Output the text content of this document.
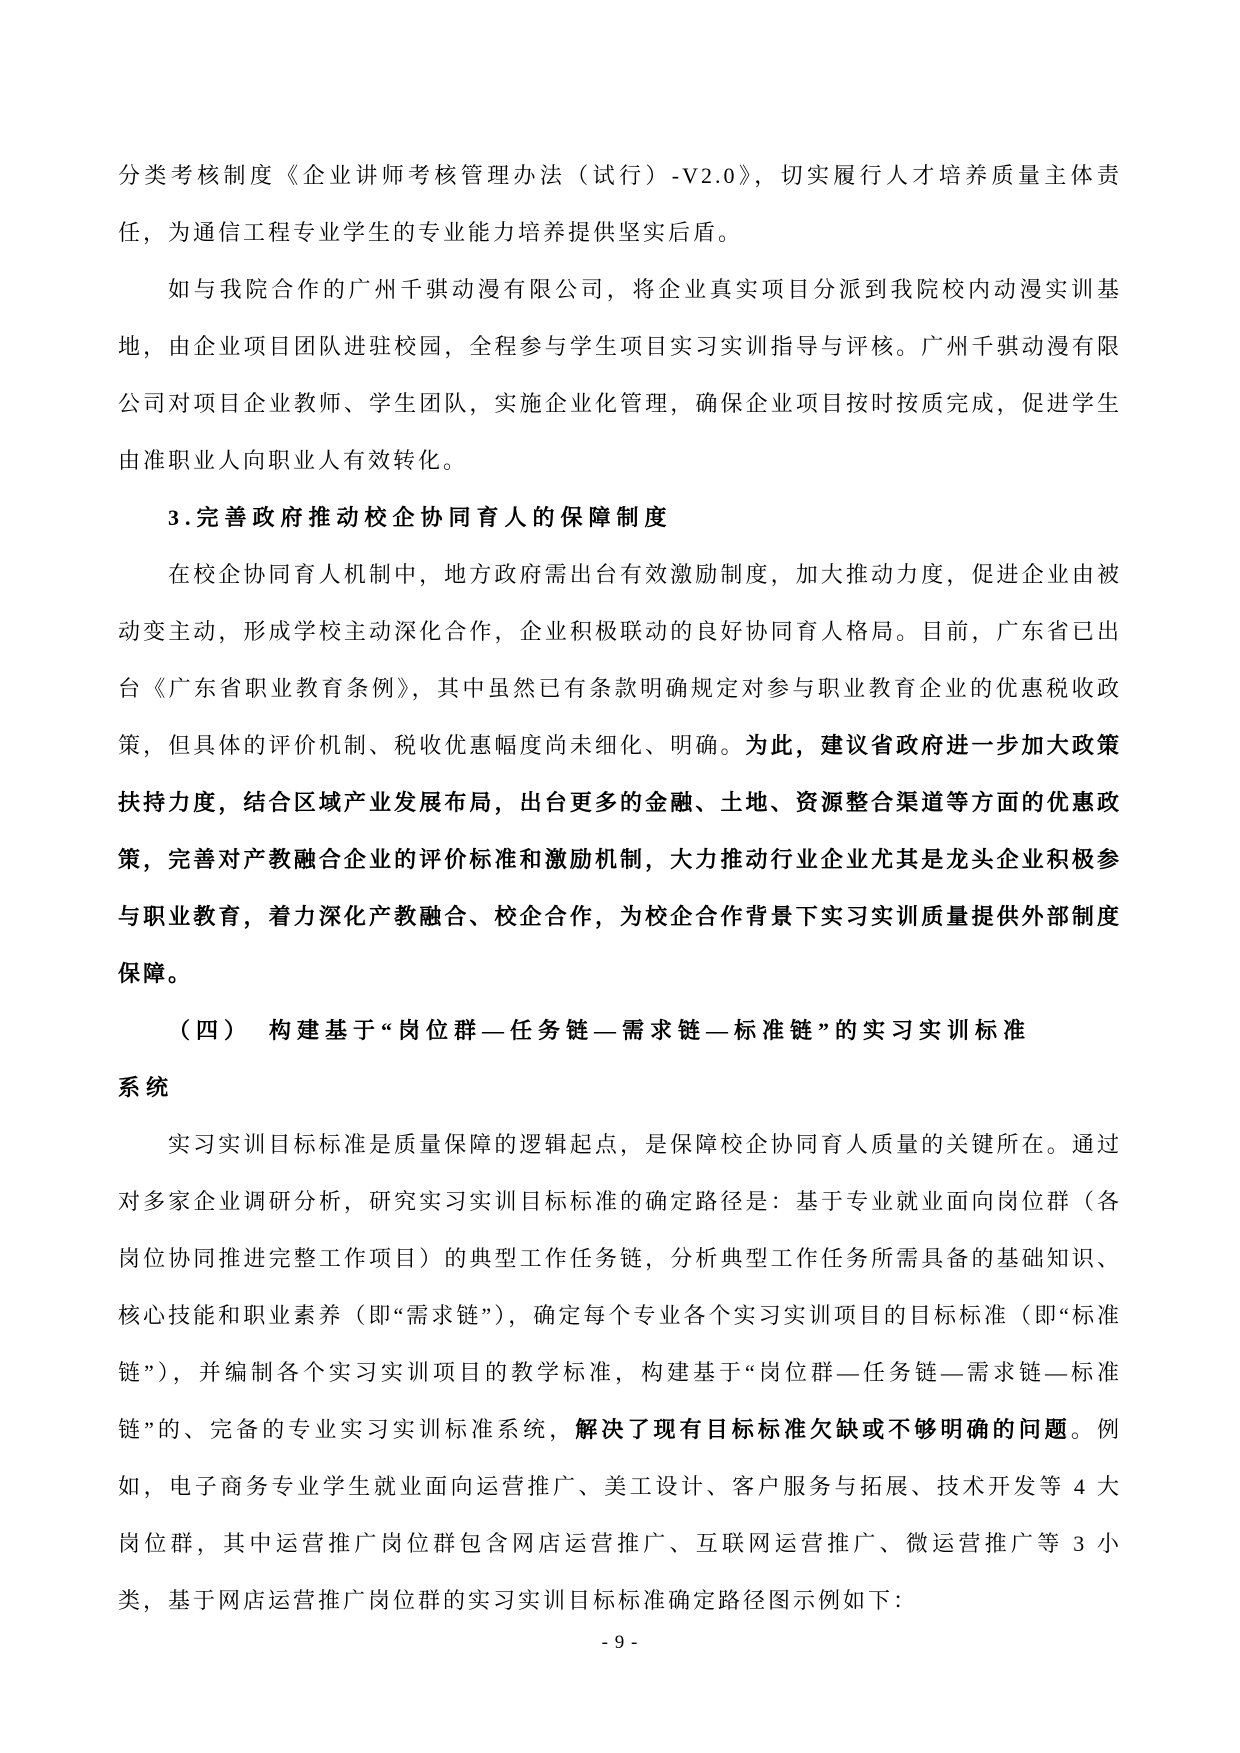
分类考核制度《企业讲师考核管理办法（试行）-V2.0》，切实履行人才培养质量主体责任，为通信工程专业学生的专业能力培养提供坚实后盾。

如与我院合作的广州千骐动漫有限公司，将企业真实项目分派到我院校内动漫实训基地，由企业项目团队进驻校园，全程参与学生项目实习实训指导与评核。广州千骐动漫有限公司对项目企业教师、学生团队，实施企业化管理，确保企业项目按时按质完成，促进学生由准职业人向职业人有效转化。

3.完善政府推动校企协同育人的保障制度

在校企协同育人机制中，地方政府需出台有效激励制度，加大推动力度，促进企业由被动变主动，形成学校主动深化合作，企业积极联动的良好协同育人格局。目前，广东省已出台《广东省职业教育条例》，其中虽然已有条款明确规定对参与职业教育企业的优惠税收政策，但具体的评价机制、税收优惠幅度尚未细化、明确。为此，建议省政府进一步加大政策扶持力度，结合区域产业发展布局，出台更多的金融、土地、资源整合渠道等方面的优惠政策，完善对产教融合企业的评价标准和激励机制，大力推动行业企业尤其是龙头企业积极参与职业教育，着力深化产教融合、校企合作，为校企合作背景下实习实训质量提供外部制度保障。

（四）　构建基于“岗位群—任务链—需求链—标准链”的实习实训标准
系统

实习实训目标标准是质量保障的逻辑起点，是保障校企协同育人质量的关键所在。通过对多家企业调研分析，研究实习实训目标标准的确定路径是：基于专业就业面向岗位群（各岗位协同推进完整工作项目）的典型工作任务链，分析典型工作任务所需具备的基础知识、核心技能和职业素养（即“需求链”），确定每个专业各个实习实训项目的目标标准（即“标准链”），并编制各个实习实训项目的教学标准，构建基于“岗位群—任务链—需求链—标准链”的、完备的专业实习实训标准系统，解决了现有目标标准欠缺或不够明确的问题。例如，电子商务专业学生就业面向运营推广、美工设计、客户服务与拓展、技术开发等 4 大岗位群，其中运营推广岗位群包含网店运营推广、互联网运营推广、微运营推广等 3 小类，基于网店运营推广岗位群的实习实训目标标准确定路径图示例如下：

- 9 -
